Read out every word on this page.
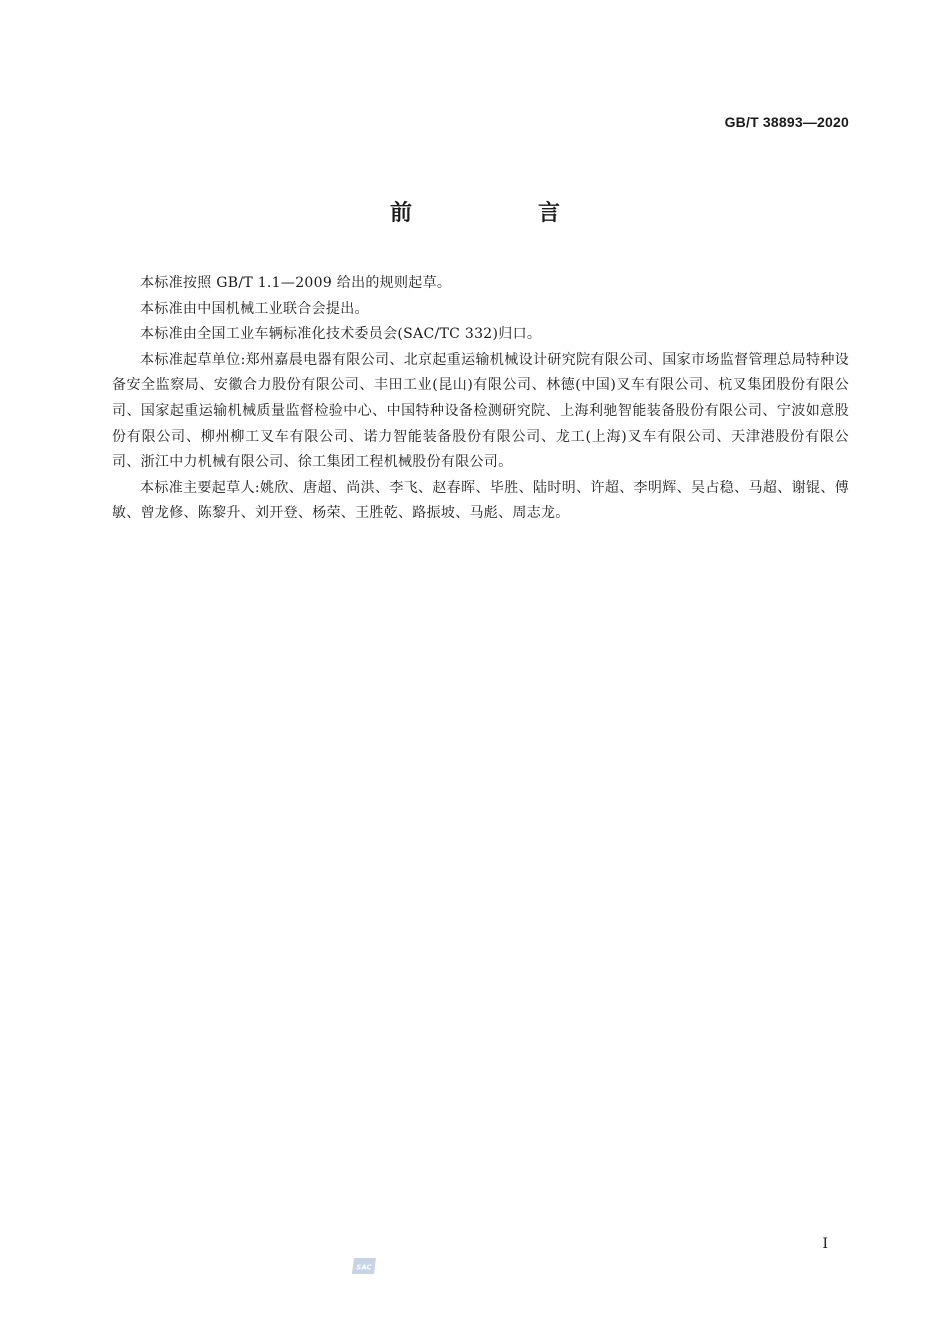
GB/T 38893—2020
前　言

本标准按照 GB/T 1.1—2009 给出的规则起草。

本标准由中国机械工业联合会提出。

本标准由全国工业车辆标准化技术委员会(SAC/TC 332)归口。

本标准起草单位:郑州嘉晨电器有限公司、北京起重运输机械设计研究院有限公司、国家市场监督管理总局特种设备安全监察局、安徽合力股份有限公司、丰田工业(昆山)有限公司、林德(中国)叉车有限公司、杭叉集团股份有限公司、国家起重运输机械质量监督检验中心、中国特种设备检测研究院、上海利驰智能装备股份有限公司、宁波如意股份有限公司、柳州柳工叉车有限公司、诺力智能装备股份有限公司、龙工(上海)叉车有限公司、天津港股份有限公司、浙江中力机械有限公司、徐工集团工程机械股份有限公司。

本标准主要起草人:姚欣、唐超、尚洪、李飞、赵春晖、毕胜、陆时明、许超、李明辉、吴占稳、马超、谢锟、傅敏、曾龙修、陈黎升、刘开登、杨荣、王胜乾、路振坡、马彪、周志龙。

I
SAC
